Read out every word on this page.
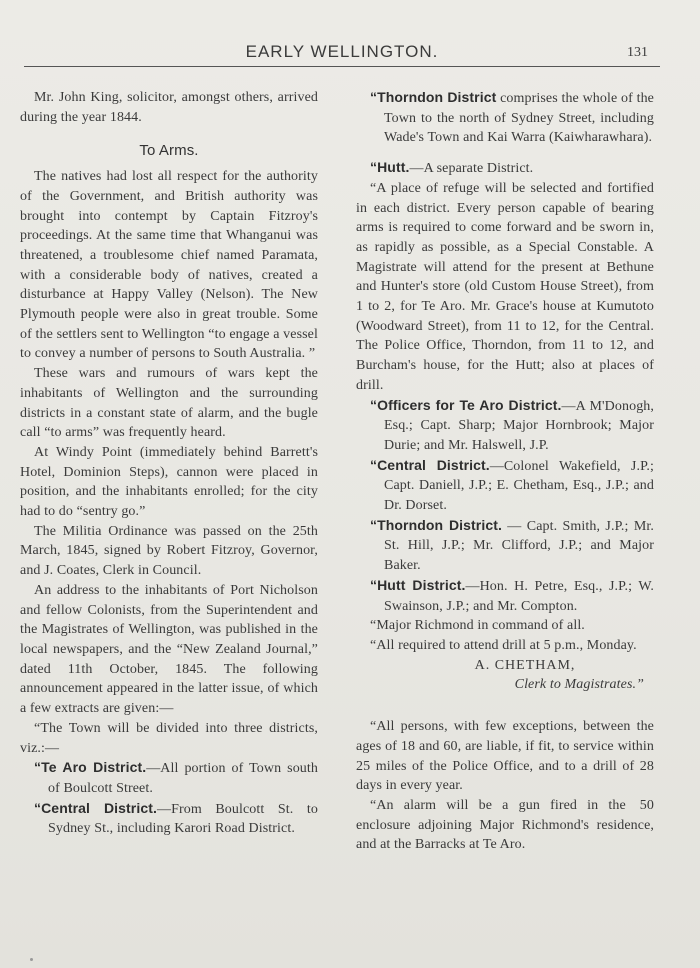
EARLY WELLINGTON.	131

Mr. John King, solicitor, amongst others, arrived during the year 1844.

To Arms.

The natives had lost all respect for the authority of the Government, and British authority was brought into contempt by Captain Fitzroy's proceedings. At the same time that Whanganui was threatened, a troublesome chief named Paramata, with a considerable body of natives, created a disturbance at Happy Valley (Nelson). The New Plymouth people were also in great trouble. Some of the settlers sent to Wellington “to engage a vessel to convey a number of persons to South Australia. ”

These wars and rumours of wars kept the inhabitants of Wellington and the surrounding districts in a constant state of alarm, and the bugle call “to arms” was frequently heard.

At Windy Point (immediately behind Barrett's Hotel, Dominion Steps), cannon were placed in position, and the inhabitants enrolled; for the city had to do “sentry go.”

The Militia Ordinance was passed on the 25th March, 1845, signed by Robert Fitzroy, Governor, and J. Coates, Clerk in Council.

An address to the inhabitants of Port Nicholson and fellow Colonists, from the Superintendent and the Magistrates of Wellington, was published in the local newspapers, and the “New Zealand Journal,” dated 11th October, 1845. The following announcement appeared in the latter issue, of which a few extracts are given:—

“The Town will be divided into three districts, viz.:—

“Te Aro District.—All portion of Town south of Boulcott Street.

“Central District.—From Boulcott St. to Sydney St., including Karori Road District.

“Thorndon District comprises the whole of the Town to the north of Sydney Street, including Wade's Town and Kai Warra (Kaiwharawhara).

“Hutt.—A separate District.

“A place of refuge will be selected and fortified in each district. Every person capable of bearing arms is required to come forward and be sworn in, as rapidly as possible, as a Special Constable. A Magistrate will attend for the present at Bethune and Hunter's store (old Custom House Street), from 1 to 2, for Te Aro. Mr. Grace's house at Kumutoto (Woodward Street), from 11 to 12, for the Central. The Police Office, Thorndon, from 11 to 12, and Burcham's house, for the Hutt; also at places of drill.

“Officers for Te Aro District.—A M'Donogh, Esq.; Capt. Sharp; Major Hornbrook; Major Durie; and Mr. Halswell, J.P.

“Central District.—Colonel Wakefield, J.P.; Capt. Daniell, J.P.; E. Chetham, Esq., J.P.; and Dr. Dorset.

“Thorndon District. — Capt. Smith, J.P.; Mr. St. Hill, J.P.; Mr. Clifford, J.P.; and Major Baker.

“Hutt District.—Hon. H. Petre, Esq., J.P.; W. Swainson, J.P.; and Mr. Compton.

“Major Richmond in command of all.

“All required to attend drill at 5 p.m., Monday.

A. CHETHAM,

Clerk to Magistrates.”

“All persons, with few exceptions, between the ages of 18 and 60, are liable, if fit, to service within 25 miles of the Police Office, and to a drill of 28 days in every year.

50
“An alarm will be a gun fired in the enclosure adjoining Major Richmond's residence, and at the Barracks at Te Aro.
